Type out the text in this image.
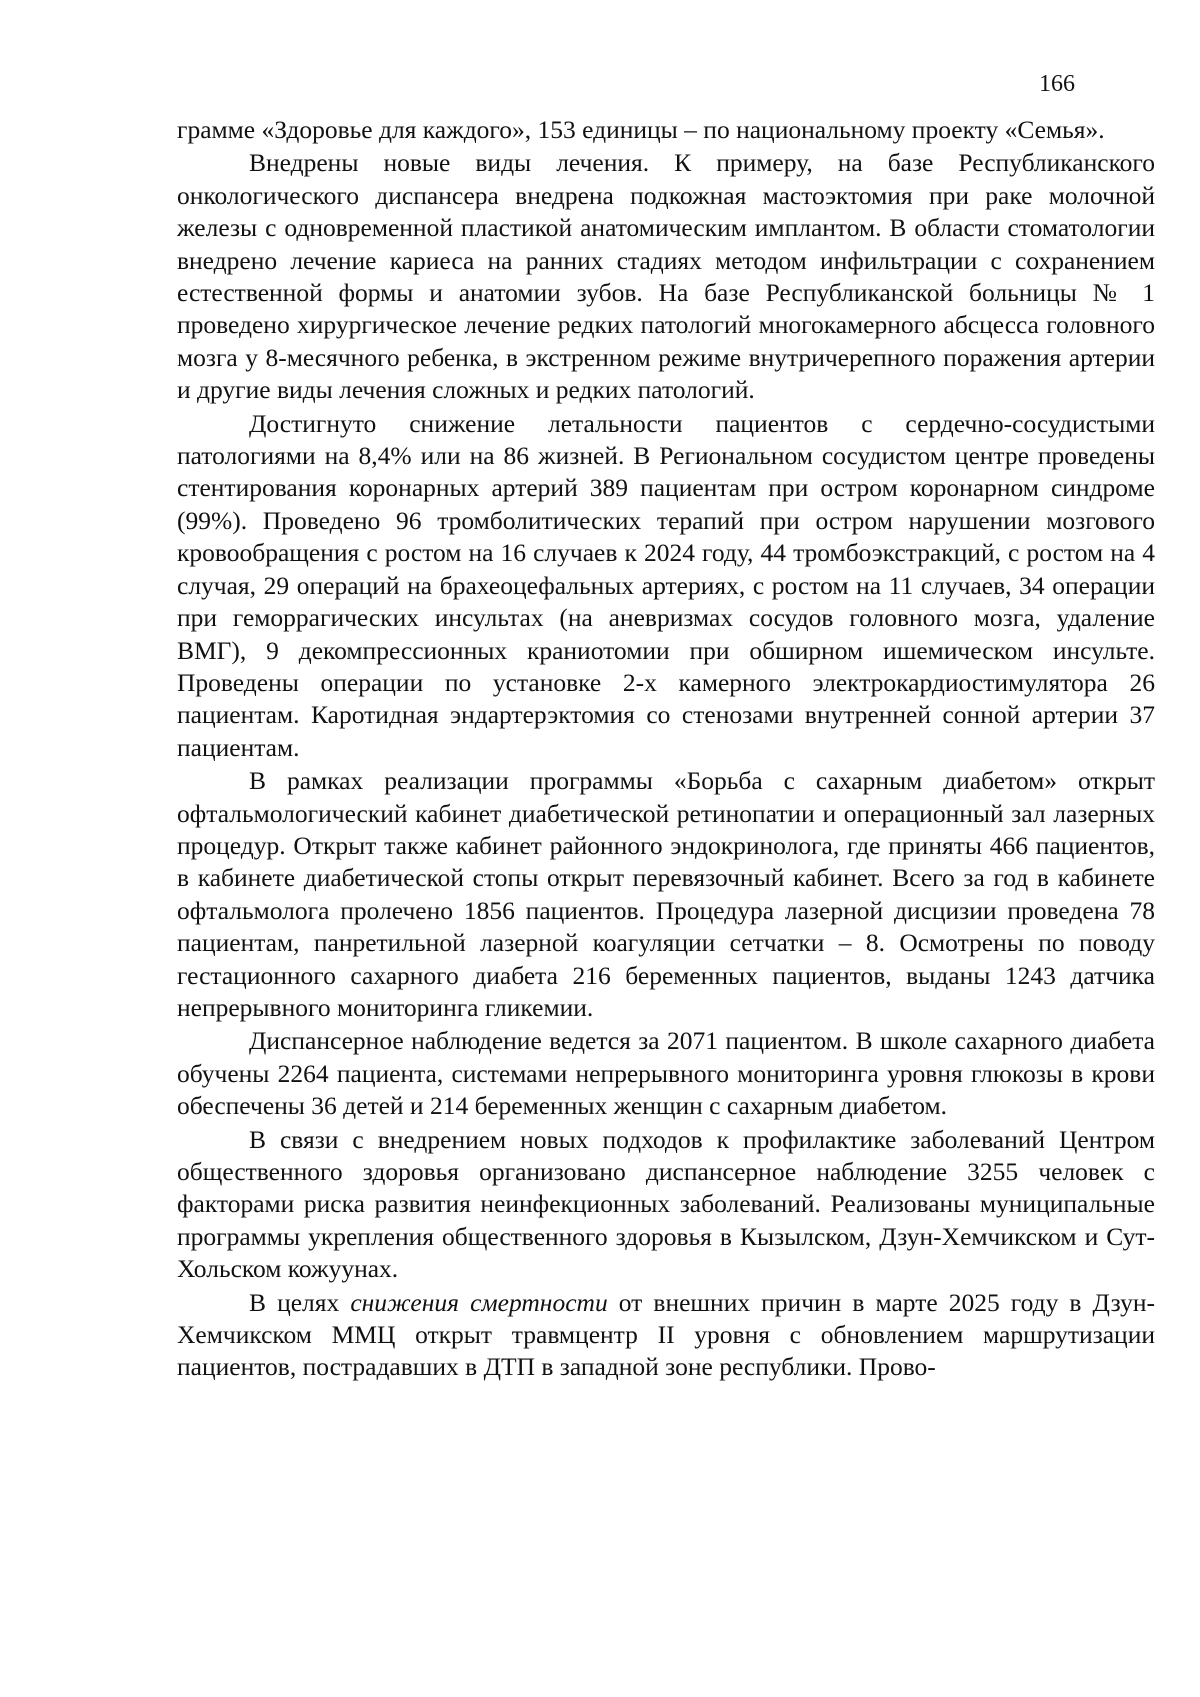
166

грамме «Здоровье для каждого», 153 единицы – по национальному проекту «Семья».

Внедрены новые виды лечения. К примеру, на базе Республиканского онкологического диспансера внедрена подкожная мастоэктомия при раке молочной железы с одновременной пластикой анатомическим имплантом. В области стоматологии внедрено лечение кариеса на ранних стадиях методом инфильтрации с сохранением естественной формы и анатомии зубов. На базе Республиканской больницы № 1 проведено хирургическое лечение редких патологий многокамерного абсцесса головного мозга у 8-месячного ребенка, в экстренном режиме внутричерепного поражения артерии и другие виды лечения сложных и редких патологий.

Достигнуто снижение летальности пациентов с сердечно-сосудистыми патологиями на 8,4% или на 86 жизней. В Региональном сосудистом центре проведены стентирования коронарных артерий 389 пациентам при остром коронарном синдроме (99%). Проведено 96 тромболитических терапий при остром нарушении мозгового кровообращения с ростом на 16 случаев к 2024 году, 44 тромбоэкстракций, с ростом на 4 случая, 29 операций на брахеоцефальных артериях, с ростом на 11 случаев, 34 операции при геморрагических инсультах (на аневризмах сосудов головного мозга, удаление ВМГ), 9 декомпрессионных краниотомии при обширном ишемическом инсульте. Проведены операции по установке 2-х камерного электрокардиостимулятора 26 пациентам. Каротидная эндартерэктомия со стенозами внутренней сонной артерии 37 пациентам.

В рамках реализации программы «Борьба с сахарным диабетом» открыт офтальмологический кабинет диабетической ретинопатии и операционный зал лазерных процедур. Открыт также кабинет районного эндокринолога, где приняты 466 пациентов, в кабинете диабетической стопы открыт перевязочный кабинет. Всего за год в кабинете офтальмолога пролечено 1856 пациентов. Процедура лазерной дисцизии проведена 78 пациентам, панретильной лазерной коагуляции сетчатки – 8. Осмотрены по поводу гестационного сахарного диабета 216 беременных пациентов, выданы 1243 датчика непрерывного мониторинга гликемии.

Диспансерное наблюдение ведется за 2071 пациентом. В школе сахарного диабета обучены 2264 пациента, системами непрерывного мониторинга уровня глюкозы в крови обеспечены 36 детей и 214 беременных женщин с сахарным диабетом.

В связи с внедрением новых подходов к профилактике заболеваний Центром общественного здоровья организовано диспансерное наблюдение 3255 человек с факторами риска развития неинфекционных заболеваний. Реализованы муниципальные программы укрепления общественного здоровья в Кызылском, Дзун-Хемчикском и Сут-Хольском кожуунах.

В целях снижения смертности от внешних причин в марте 2025 году в Дзун-Хемчикском ММЦ открыт травмцентр II уровня с обновлением маршрутизации пациентов, пострадавших в ДТП в западной зоне республики. Прово-
